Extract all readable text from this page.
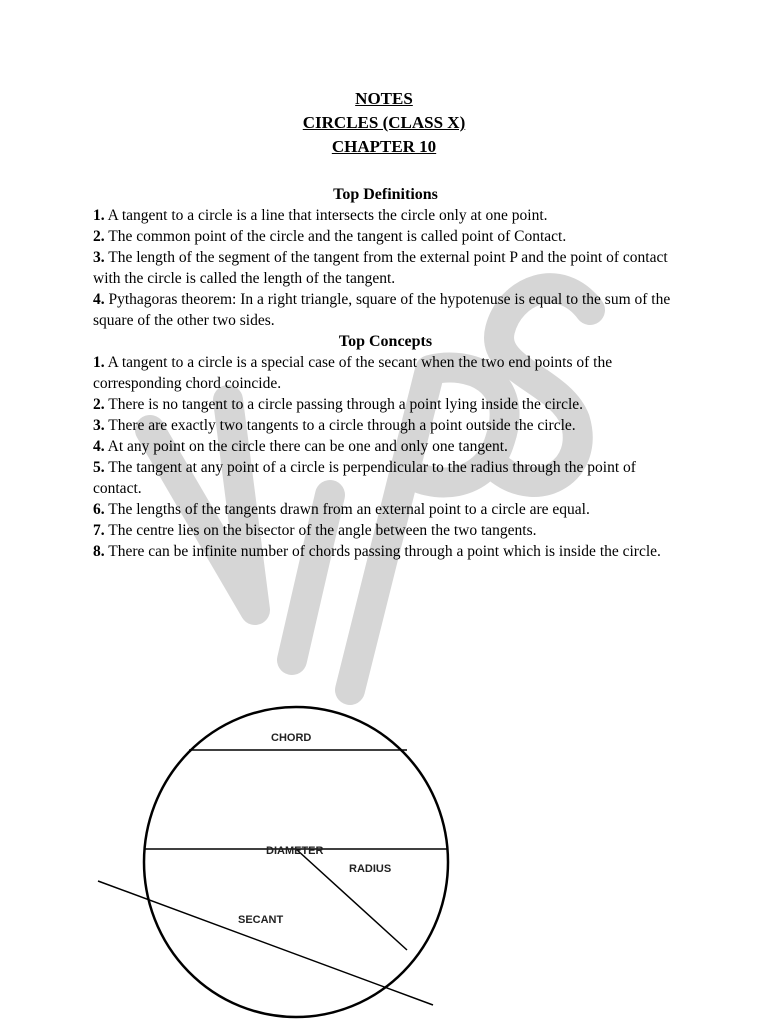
NOTES
CIRCLES (CLASS X)
CHAPTER 10
Top Definitions
1. A tangent to a circle is a line that intersects the circle only at one point.
2. The common point of the circle and the tangent is called point of Contact.
3. The length of the segment of the tangent from the external point P and the point of contact with the circle is called the length of the tangent.
4. Pythagoras theorem: In a right triangle, square of the hypotenuse is equal to the sum of the square of the other two sides.
Top Concepts
1. A tangent to a circle is a special case of the secant when the two end points of the corresponding chord coincide.
2. There is no tangent to a circle passing through a point lying inside the circle.
3. There are exactly two tangents to a circle through a point outside the circle.
4. At any point on the circle there can be one and only one tangent.
5. The tangent at any point of a circle is perpendicular to the radius through the point of contact.
6. The lengths of the tangents drawn from an external point to a circle are equal.
7. The centre lies on the bisector of the angle between the two tangents.
8. There can be infinite number of chords passing through a point which is inside the circle.
CHORD
DIAMETER
RADIUS
SECANT
